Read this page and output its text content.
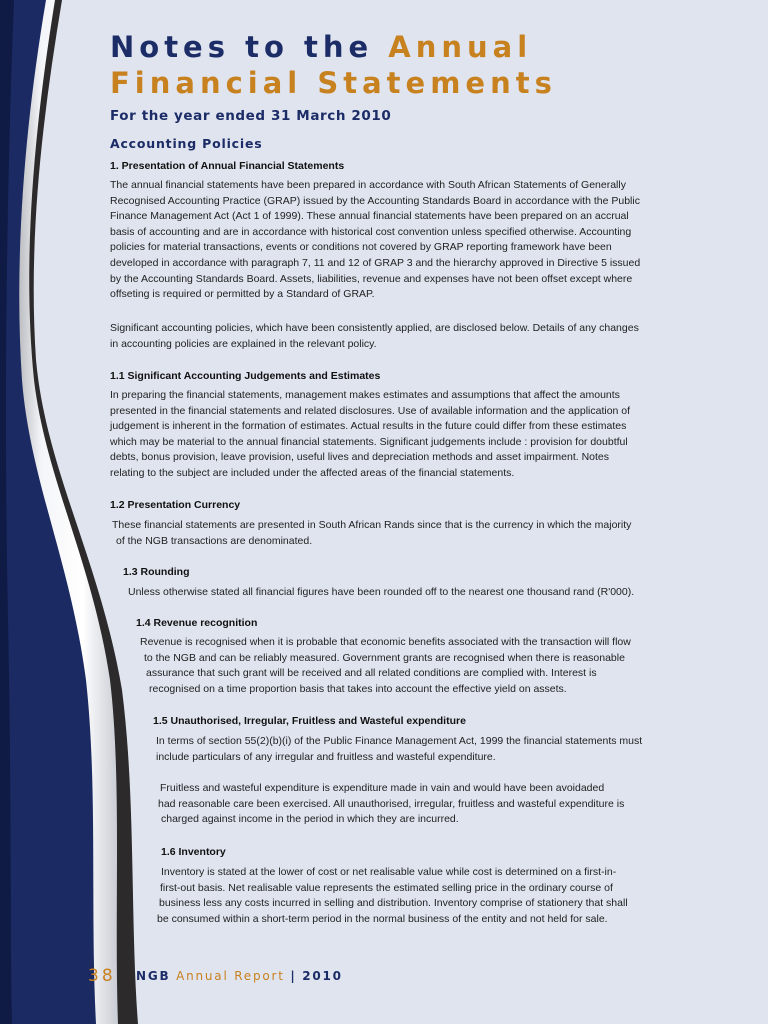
Notes to the Annual
Financial Statements
For the year ended 31 March 2010
Accounting Policies
1. Presentation of Annual Financial Statements
The annual financial statements have been prepared in accordance with South African Statements of Generally
Recognised Accounting Practice (GRAP) issued by the Accounting Standards Board in accordance with the Public
Finance Management Act (Act 1 of 1999). These annual financial statements have been prepared on an accrual
basis of accounting and are in accordance with historical cost convention unless specified otherwise. Accounting
policies for material transactions, events or conditions not covered by GRAP reporting framework have been
developed in accordance with paragraph 7, 11 and 12 of GRAP 3 and the hierarchy approved in Directive 5 issued
by the Accounting Standards Board. Assets, liabilities, revenue and expenses have not been offset except where
offseting is required or permitted by a Standard of GRAP.
Significant accounting policies, which have been consistently applied, are disclosed below. Details of any changes
in accounting policies are explained in the relevant policy.
1.1 Significant Accounting Judgements and Estimates
In preparing the financial statements, management makes estimates and assumptions that affect the amounts
presented in the financial statements and related disclosures. Use of available information and the application of
judgement is inherent in the formation of estimates. Actual results in the future could differ from these estimates
which may be material to the annual financial statements. Significant judgements include : provision for doubtful
debts, bonus provision, leave provision, useful lives and depreciation methods and asset impairment. Notes
relating to the subject are included under the affected areas of the financial statements.
1.2 Presentation Currency
These financial statements are presented in South African Rands since that is the currency in which the majority
of the NGB transactions are denominated.
1.3 Rounding
Unless otherwise stated all financial figures have been rounded off to the nearest one thousand rand (R'000).
1.4 Revenue recognition
Revenue is recognised when it is probable that economic benefits associated with the transaction will flow
to the NGB and can be reliably measured. Government grants are recognised when there is reasonable
assurance that such grant will be received and all related conditions are complied with. Interest is
recognised on a time proportion basis that takes into account the effective yield on assets.
1.5 Unauthorised, Irregular, Fruitless and Wasteful expenditure
In terms of section 55(2)(b)(i) of the Public Finance Management Act, 1999 the financial statements must
include particulars of any irregular and fruitless and wasteful expenditure.
Fruitless and wasteful expenditure is expenditure made in vain and would have been avoidaded
had reasonable care been exercised. All unauthorised, irregular, fruitless and wasteful expenditure is
charged against income in the period in which they are incurred.
1.6 Inventory
Inventory is stated at the lower of cost or net realisable value while cost is determined on a first-in-
first-out basis. Net realisable value represents the estimated selling price in the ordinary course of
business less any costs incurred in selling and distribution. Inventory comprise of stationery that shall
be consumed within a short-term period in the normal business of the entity and not held for sale.
38 NGB Annual Report | 2010
